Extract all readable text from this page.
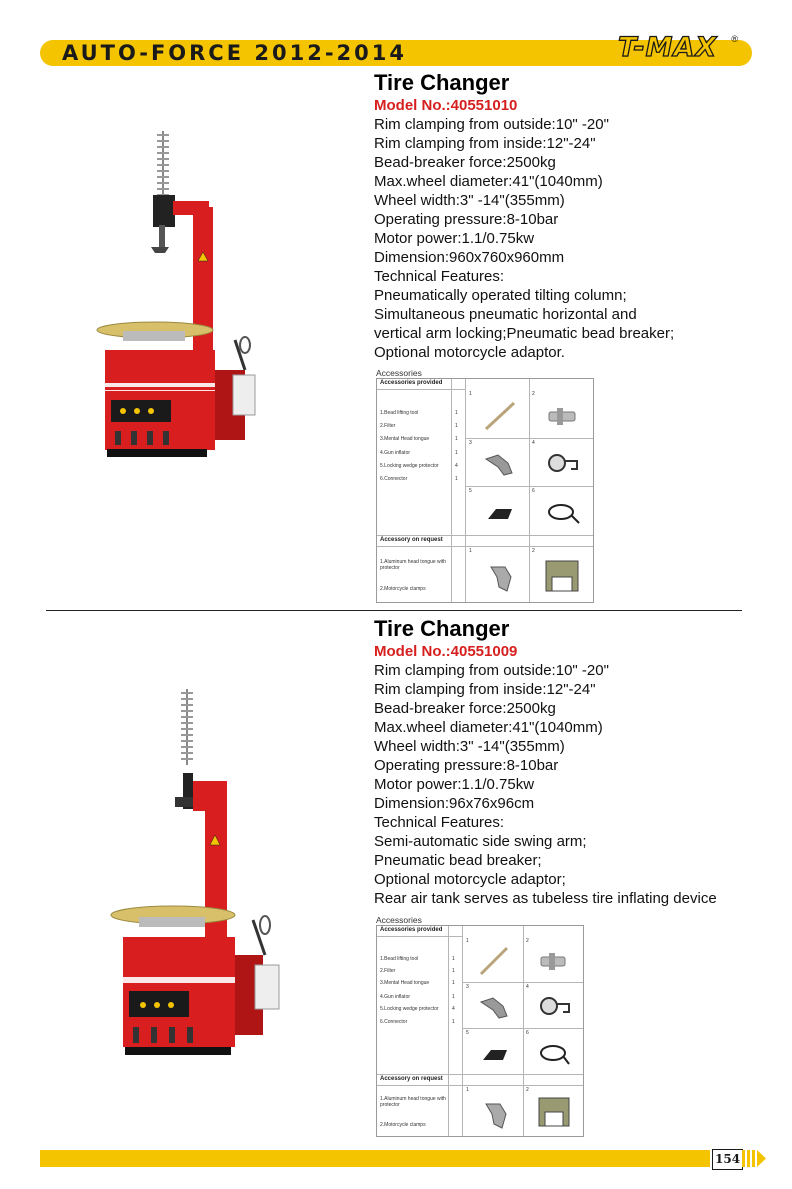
AUTO-FORCE 2012-2014	T-MAX ®
Tire Changer
Model No.:40551010
Rim clamping from outside:10" -20"
Rim clamping from inside:12"-24"
Bead-breaker force:2500kg
Max.wheel diameter:41"(1040mm)
Wheel width:3" -14"(355mm)
Operating pressure:8-10bar
Motor power:1.1/0.75kw
Dimension:960x760x960mm
Technical Features:
Pneumatically operated tilting column;
Simultaneous pneumatic horizontal and
vertical arm locking;Pneumatic bead breaker;
Optional motorcycle adaptor.
Accessories
Accessories provided
1.Bead lifting tool	1
2.Filter	1
3.Mental Head tongue	1
4.Gun inflator	1
5.Locking wedge protector	4
6.Connector	1
1	2
3	4
5	6
Accessory on request
1.Aluminum head tongue with protector
2.Motorcycle clamps
1	2
Tire Changer
Model No.:40551009
Rim clamping from outside:10" -20"
Rim clamping from inside:12"-24"
Bead-breaker force:2500kg
Max.wheel diameter:41"(1040mm)
Wheel width:3" -14"(355mm)
Operating pressure:8-10bar
Motor power:1.1/0.75kw
Dimension:96x76x96cm
Technical Features:
Semi-automatic side swing arm;
Pneumatic bead breaker;
Optional motorcycle adaptor;
Rear air tank serves as tubeless tire inflating device
Accessories
Accessories provided
1.Bead lifting tool	1
2.Filter	1
3.Mental Head tongue	1
4.Gun inflator	1
5.Locking wedge protector	4
6.Connector	1
1	2
3	4
5	6
Accessory on request
1.Aluminum head tongue with protector
2.Motorcycle clamps
1	2
154
